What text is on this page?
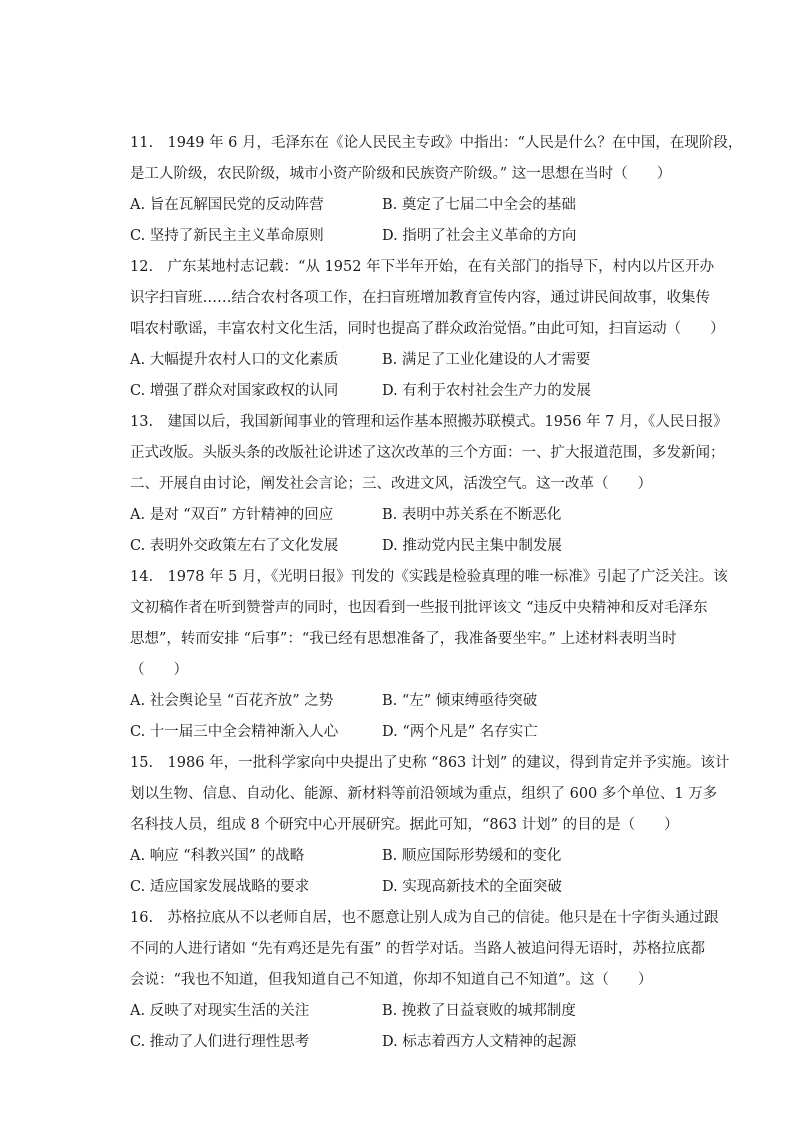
11.　1949 年 6 月，毛泽东在《论人民民主专政》中指出：“人民是什么？在中国，在现阶段，
是工人阶级，农民阶级，城市小资产阶级和民族资产阶级。” 这一思想在当时（　　）
A. 旨在瓦解国民党的反动阵营	B. 奠定了七届二中全会的基础
C. 坚持了新民主主义革命原则	D. 指明了社会主义革命的方向
12.　广东某地村志记载：“从 1952 年下半年开始，在有关部门的指导下，村内以片区开办
识字扫盲班……结合农村各项工作，在扫盲班增加教育宣传内容，通过讲民间故事，收集传
唱农村歌谣，丰富农村文化生活，同时也提高了群众政治觉悟。”由此可知，扫盲运动（　　）
A. 大幅提升农村人口的文化素质	B. 满足了工业化建设的人才需要
C. 增强了群众对国家政权的认同	D. 有利于农村社会生产力的发展
13.　建国以后，我国新闻事业的管理和运作基本照搬苏联模式。1956 年 7 月，《人民日报》
正式改版。头版头条的改版社论讲述了这次改革的三个方面：一、扩大报道范围，多发新闻；
二、开展自由讨论，阐发社会言论；三、改进文风，活泼空气。这一改革（　　）
A. 是对 “双百” 方针精神的回应	B. 表明中苏关系在不断恶化
C. 表明外交政策左右了文化发展	D. 推动党内民主集中制发展
14.　1978 年 5 月，《光明日报》刊发的《实践是检验真理的唯一标准》引起了广泛关注。该
文初稿作者在听到赞誉声的同时，也因看到一些报刊批评该文 “违反中央精神和反对毛泽东
思想”，转而安排 “后事”：“我已经有思想准备了，我准备要坐牢。” 上述材料表明当时
（　　）
A. 社会舆论呈 “百花齐放” 之势	B. “左” 倾束缚亟待突破
C. 十一届三中全会精神渐入人心	D. “两个凡是” 名存实亡
15.　1986 年，一批科学家向中央提出了史称 “863 计划” 的建议，得到肯定并予实施。该计
划以生物、信息、自动化、能源、新材料等前沿领域为重点，组织了 600 多个单位、1 万多
名科技人员，组成 8 个研究中心开展研究。据此可知，“863 计划” 的目的是（　　）
A. 响应 “科教兴国” 的战略	B. 顺应国际形势缓和的变化
C. 适应国家发展战略的要求	D. 实现高新技术的全面突破
16.　苏格拉底从不以老师自居，也不愿意让别人成为自己的信徒。他只是在十字街头通过跟
不同的人进行诸如 “先有鸡还是先有蛋” 的哲学对话。当路人被追问得无语时，苏格拉底都
会说：“我也不知道，但我知道自己不知道，你却不知道自己不知道”。这（　　）
A. 反映了对现实生活的关注	B. 挽救了日益衰败的城邦制度
C. 推动了人们进行理性思考	D. 标志着西方人文精神的起源
